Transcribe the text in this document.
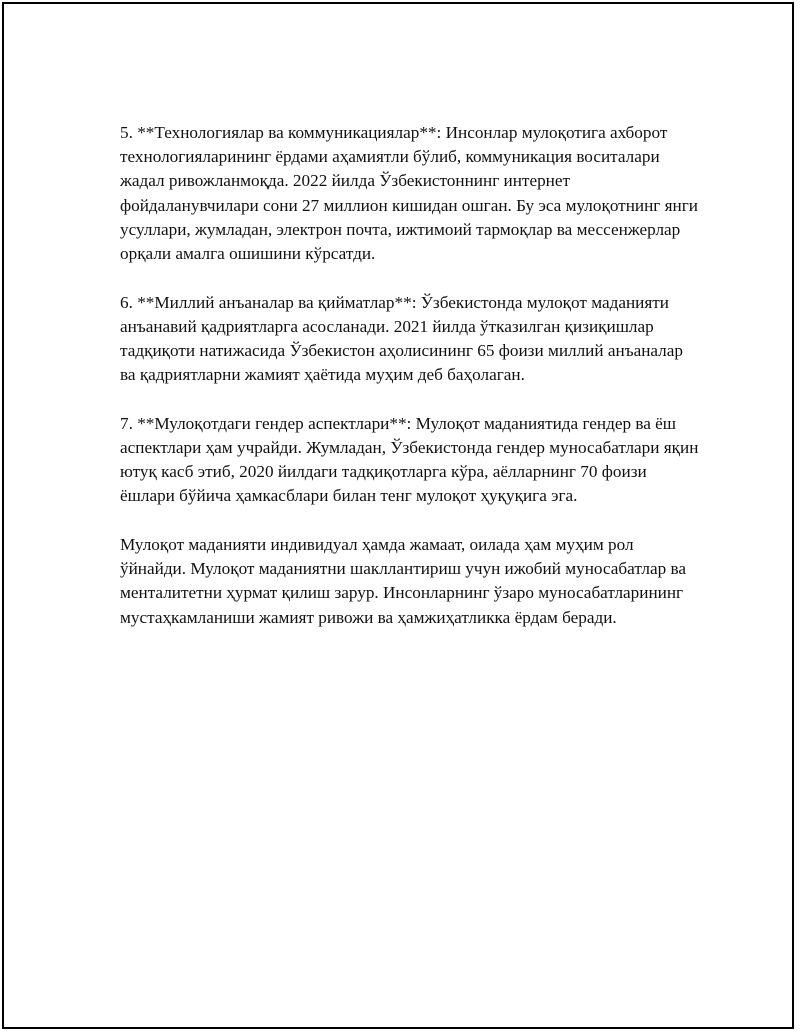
5. **Технологиялар ва коммуникациялар**: Инсонлар мулоқотига ахборот технологияларининг ёрдами аҳамиятли бўлиб, коммуникация воситалари жадал ривожланмоқда. 2022 йилда Ўзбекистоннинг интернет фойдаланувчилари сони 27 миллион кишидан ошган. Бу эса мулоқотнинг янги усуллари, жумладан, электрон почта, ижтимоий тармоқлар ва мессенжерлар орқали амалга ошишини кўрсатди.

6. **Миллий анъаналар ва қийматлар**: Ўзбекистонда мулоқот маданияти анъанавий қадриятларга асосланади. 2021 йилда ўтказилган қизиқишлар тадқиқоти натижасида Ўзбекистон аҳолисининг 65 фоизи миллий анъаналар ва қадриятларни жамият ҳаётида муҳим деб баҳолаган.

7. **Мулоқотдаги гендер аспектлари**: Мулоқот маданиятида гендер ва ёш аспектлари ҳам учрайди. Жумладан, Ўзбекистонда гендер муносабатлари яқин ютуқ касб этиб, 2020 йилдаги тадқиқотларга кўра, аёлларнинг 70 фоизи ёшлари бўйича ҳамкасблари билан тенг мулоқот ҳуқуқига эга.

Мулоқот маданияти индивидуал ҳамда жамаат, оилада ҳам муҳим рол ўйнайди. Мулоқот маданиятни шакллантириш учун ижобий муносабатлар ва менталитетни ҳурмат қилиш зарур. Инсонларнинг ўзаро муносабатларининг мустаҳкамланиши жамият ривожи ва ҳамжиҳатликка ёрдам беради.
